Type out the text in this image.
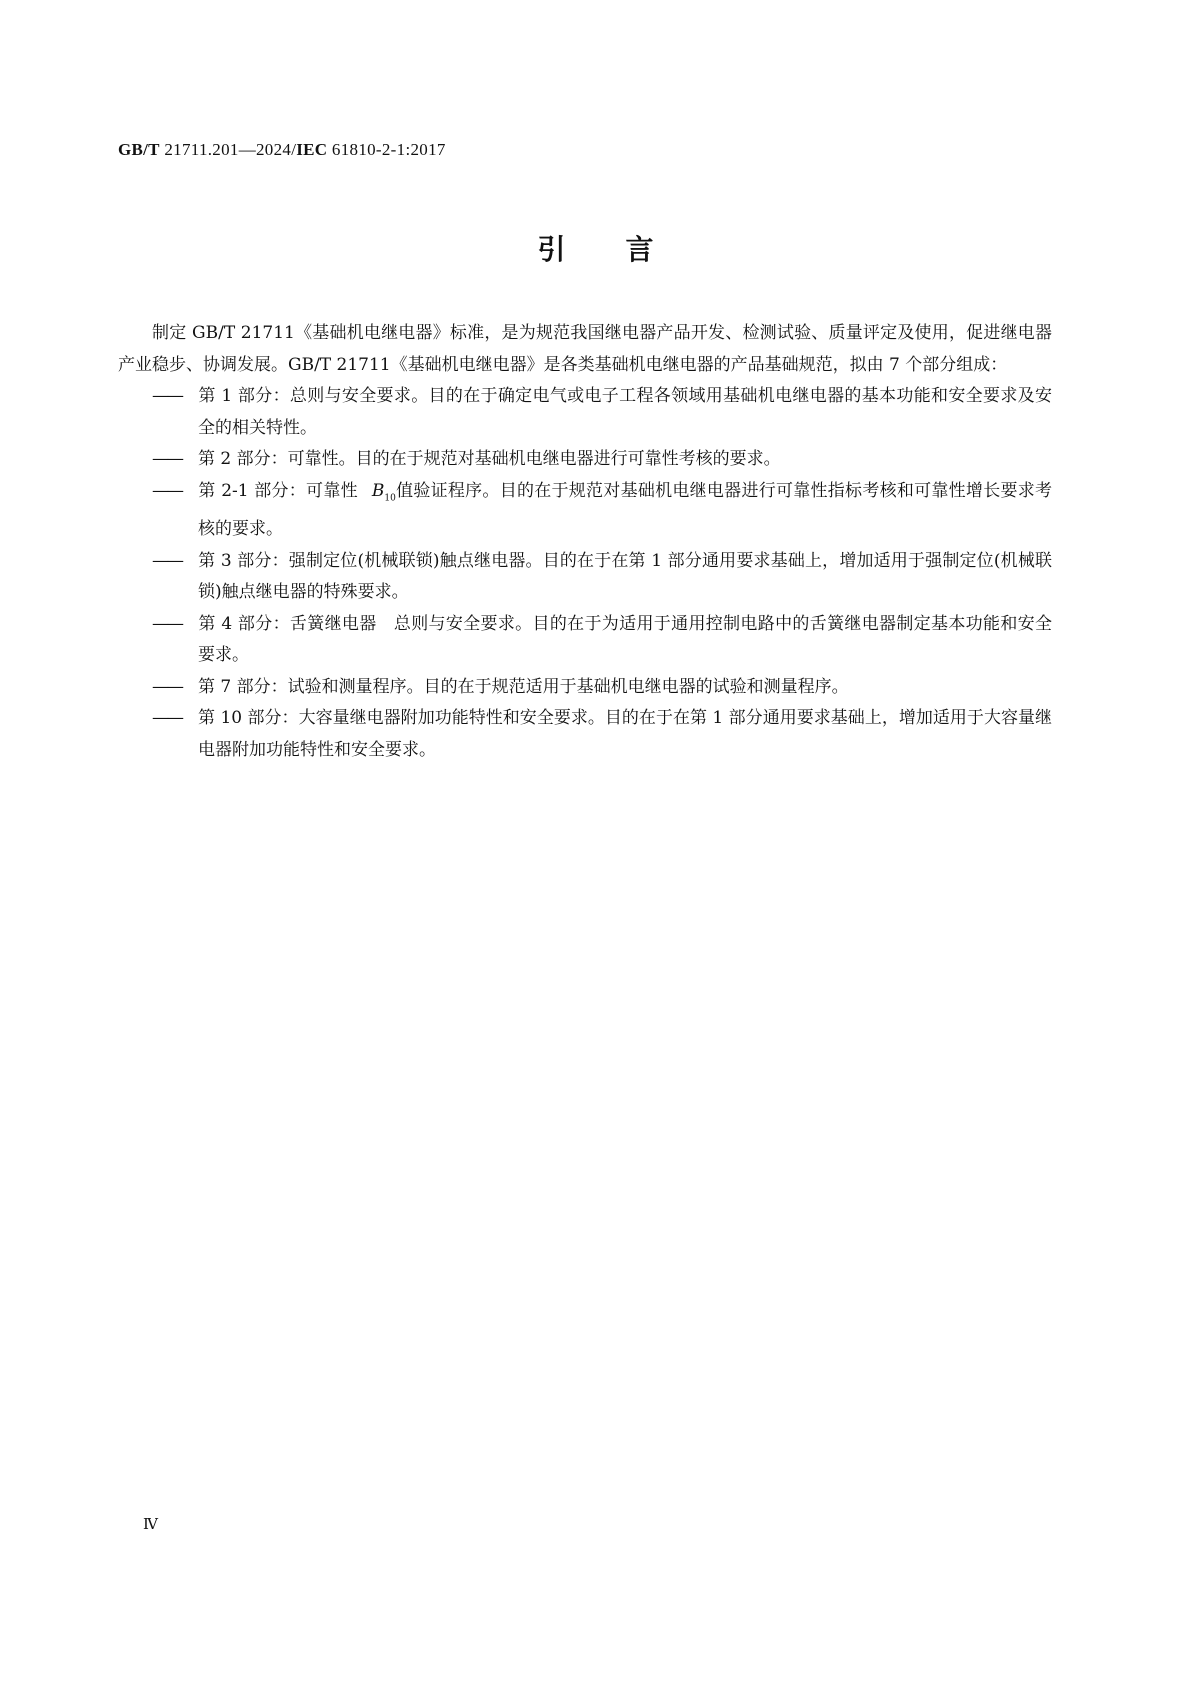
GB/T 21711.201—2024/IEC 61810-2-1:2017
引言

制定 GB/T 21711《基础机电继电器》标准，是为规范我国继电器产品开发、检测试验、质量评定及使用，促进继电器产业稳步、协调发展。GB/T 21711《基础机电继电器》是各类基础机电继电器的产品基础规范，拟由 7 个部分组成：

—— 第 1 部分：总则与安全要求。目的在于确定电气或电子工程各领域用基础机电继电器的基本功能和安全要求及安全的相关特性。
—— 第 2 部分：可靠性。目的在于规范对基础机电继电器进行可靠性考核的要求。
—— 第 2-1 部分：可靠性 $B_{10}$值验证程序。目的在于规范对基础机电继电器进行可靠性指标考核和可靠性增长要求考核的要求。
—— 第 3 部分：强制定位(机械联锁)触点继电器。目的在于在第 1 部分通用要求基础上，增加适用于强制定位(机械联锁)触点继电器的特殊要求。
—— 第 4 部分：舌簧继电器　总则与安全要求。目的在于为适用于通用控制电路中的舌簧继电器制定基本功能和安全要求。
—— 第 7 部分：试验和测量程序。目的在于规范适用于基础机电继电器的试验和测量程序。
—— 第 10 部分：大容量继电器附加功能特性和安全要求。目的在于在第 1 部分通用要求基础上，增加适用于大容量继电器附加功能特性和安全要求。
Ⅳ
